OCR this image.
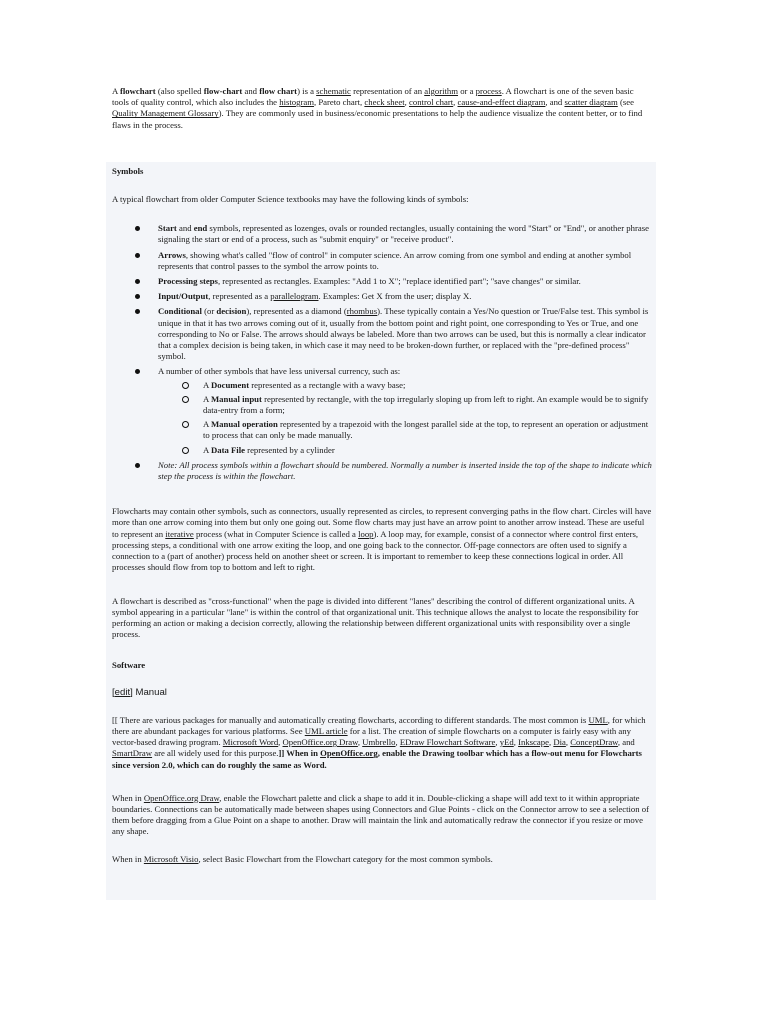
A flowchart (also spelled flow-chart and flow chart) is a schematic representation of an algorithm or a process. A flowchart is one of the seven basic tools of quality control, which also includes the histogram, Pareto chart, check sheet, control chart, cause-and-effect diagram, and scatter diagram (see Quality Management Glossary). They are commonly used in business/economic presentations to help the audience visualize the content better, or to find flaws in the process.

Symbols

A typical flowchart from older Computer Science textbooks may have the following kinds of symbols:

Start and end symbols, represented as lozenges, ovals or rounded rectangles, usually containing the word "Start" or "End", or another phrase signaling the start or end of a process, such as "submit enquiry" or "receive product".
Arrows, showing what's called "flow of control" in computer science. An arrow coming from one symbol and ending at another symbol represents that control passes to the symbol the arrow points to.
Processing steps, represented as rectangles. Examples: "Add 1 to X"; "replace identified part"; "save changes" or similar.
Input/Output, represented as a parallelogram. Examples: Get X from the user; display X.
Conditional (or decision), represented as a diamond (rhombus). These typically contain a Yes/No question or True/False test. This symbol is unique in that it has two arrows coming out of it, usually from the bottom point and right point, one corresponding to Yes or True, and one corresponding to No or False. The arrows should always be labeled. More than two arrows can be used, but this is normally a clear indicator that a complex decision is being taken, in which case it may need to be broken-down further, or replaced with the "pre-defined process" symbol.
A number of other symbols that have less universal currency, such as:
A Document represented as a rectangle with a wavy base;
A Manual input represented by rectangle, with the top irregularly sloping up from left to right. An example would be to signify data-entry from a form;
A Manual operation represented by a trapezoid with the longest parallel side at the top, to represent an operation or adjustment to process that can only be made manually.
A Data File represented by a cylinder
Note: All process symbols within a flowchart should be numbered. Normally a number is inserted inside the top of the shape to indicate which step the process is within the flowchart.

Flowcharts may contain other symbols, such as connectors, usually represented as circles, to represent converging paths in the flow chart. Circles will have more than one arrow coming into them but only one going out. Some flow charts may just have an arrow point to another arrow instead. These are useful to represent an iterative process (what in Computer Science is called a loop). A loop may, for example, consist of a connector where control first enters, processing steps, a conditional with one arrow exiting the loop, and one going back to the connector. Off-page connectors are often used to signify a connection to a (part of another) process held on another sheet or screen. It is important to remember to keep these connections logical in order. All processes should flow from top to bottom and left to right.

A flowchart is described as "cross-functional" when the page is divided into different "lanes" describing the control of different organizational units. A symbol appearing in a particular "lane" is within the control of that organizational unit. This technique allows the analyst to locate the responsibility for performing an action or making a decision correctly, allowing the relationship between different organizational units with responsibility over a single process.

Software

[edit] Manual

[[ There are various packages for manually and automatically creating flowcharts, according to different standards. The most common is UML, for which there are abundant packages for various platforms. See UML article for a list. The creation of simple flowcharts on a computer is fairly easy with any vector-based drawing program. Microsoft Word, OpenOffice.org Draw, Umbrello, EDraw Flowchart Software, yEd, Inkscape, Dia, ConceptDraw, and SmartDraw are all widely used for this purpose.]] When in OpenOffice.org, enable the Drawing toolbar which has a flow-out menu for Flowcharts since version 2.0, which can do roughly the same as Word.

When in OpenOffice.org Draw, enable the Flowchart palette and click a shape to add it in. Double-clicking a shape will add text to it within appropriate boundaries. Connections can be automatically made between shapes using Connectors and Glue Points - click on the Connector arrow to see a selection of them before dragging from a Glue Point on a shape to another. Draw will maintain the link and automatically redraw the connector if you resize or move any shape.

When in Microsoft Visio, select Basic Flowchart from the Flowchart category for the most common symbols.
